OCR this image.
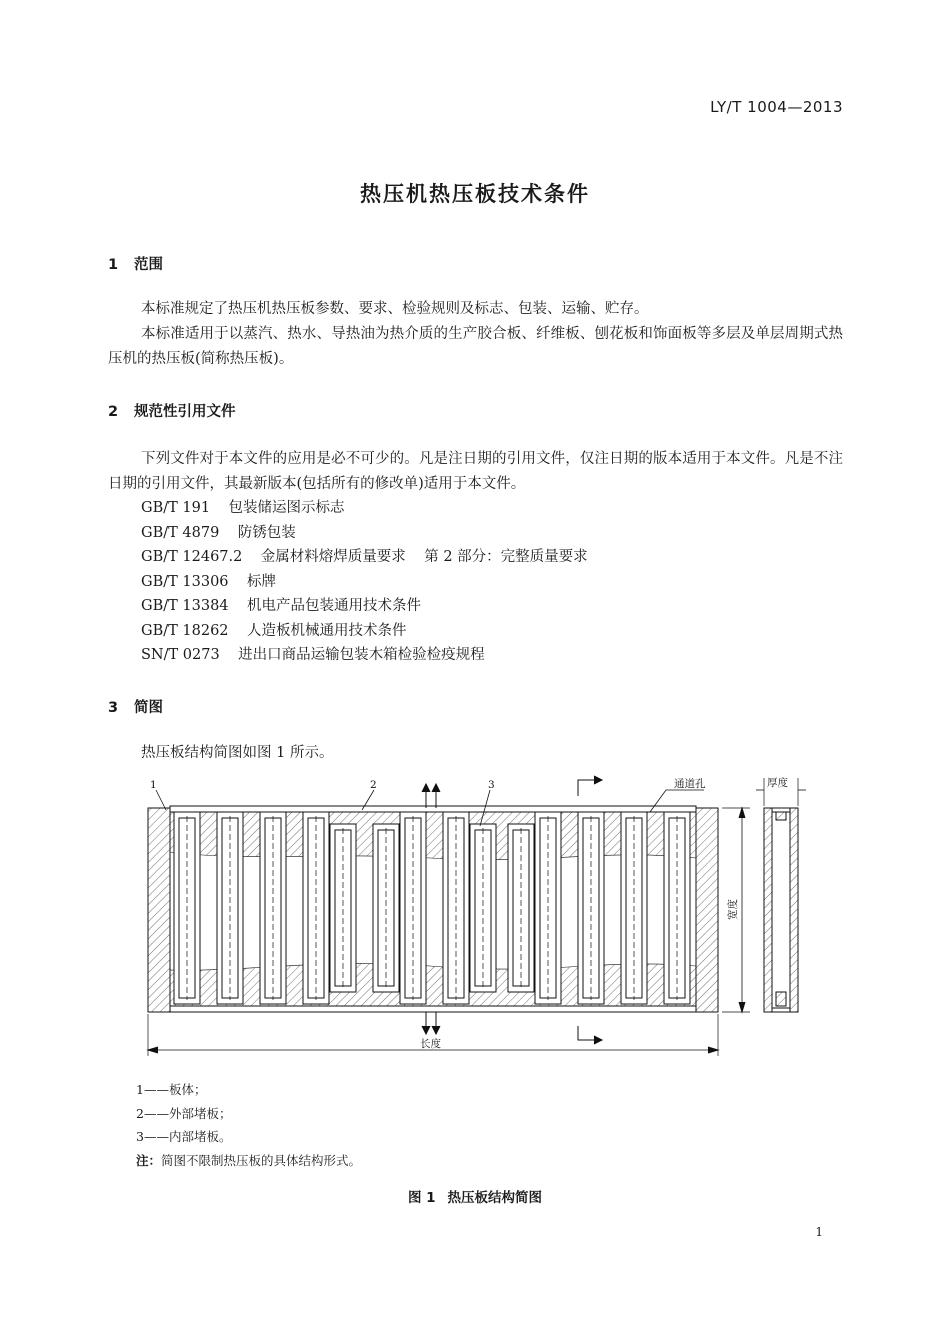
LY/T 1004—2013
热压机热压板技术条件
1 范围

本标准规定了热压机热压板参数、要求、检验规则及标志、包装、运输、贮存。

本标准适用于以蒸汽、热水、导热油为热介质的生产胶合板、纤维板、刨花板和饰面板等多层及单层周期式热压机的热压板(简称热压板)。

2 规范性引用文件

下列文件对于本文件的应用是必不可少的。凡是注日期的引用文件，仅注日期的版本适用于本文件。凡是不注日期的引用文件，其最新版本(包括所有的修改单)适用于本文件。

GB/T 191    包装储运图示标志
GB/T 4879    防锈包装
GB/T 12467.2    金属材料熔焊质量要求    第 2 部分：完整质量要求
GB/T 13306    标牌
GB/T 13384    机电产品包装通用技术条件
GB/T 18262    人造板机械通用技术条件
SN/T 0273    进出口商品运输包装木箱检验检疫规程
3 简图

热压板结构简图如图 1 所示。

1	2	3	通道孔	厚度
长度
宽度
1——板体；
2——外部堵板；
3——内部堵板。
注：简图不限制热压板的具体结构形式。
图 1 热压板结构简图
1
